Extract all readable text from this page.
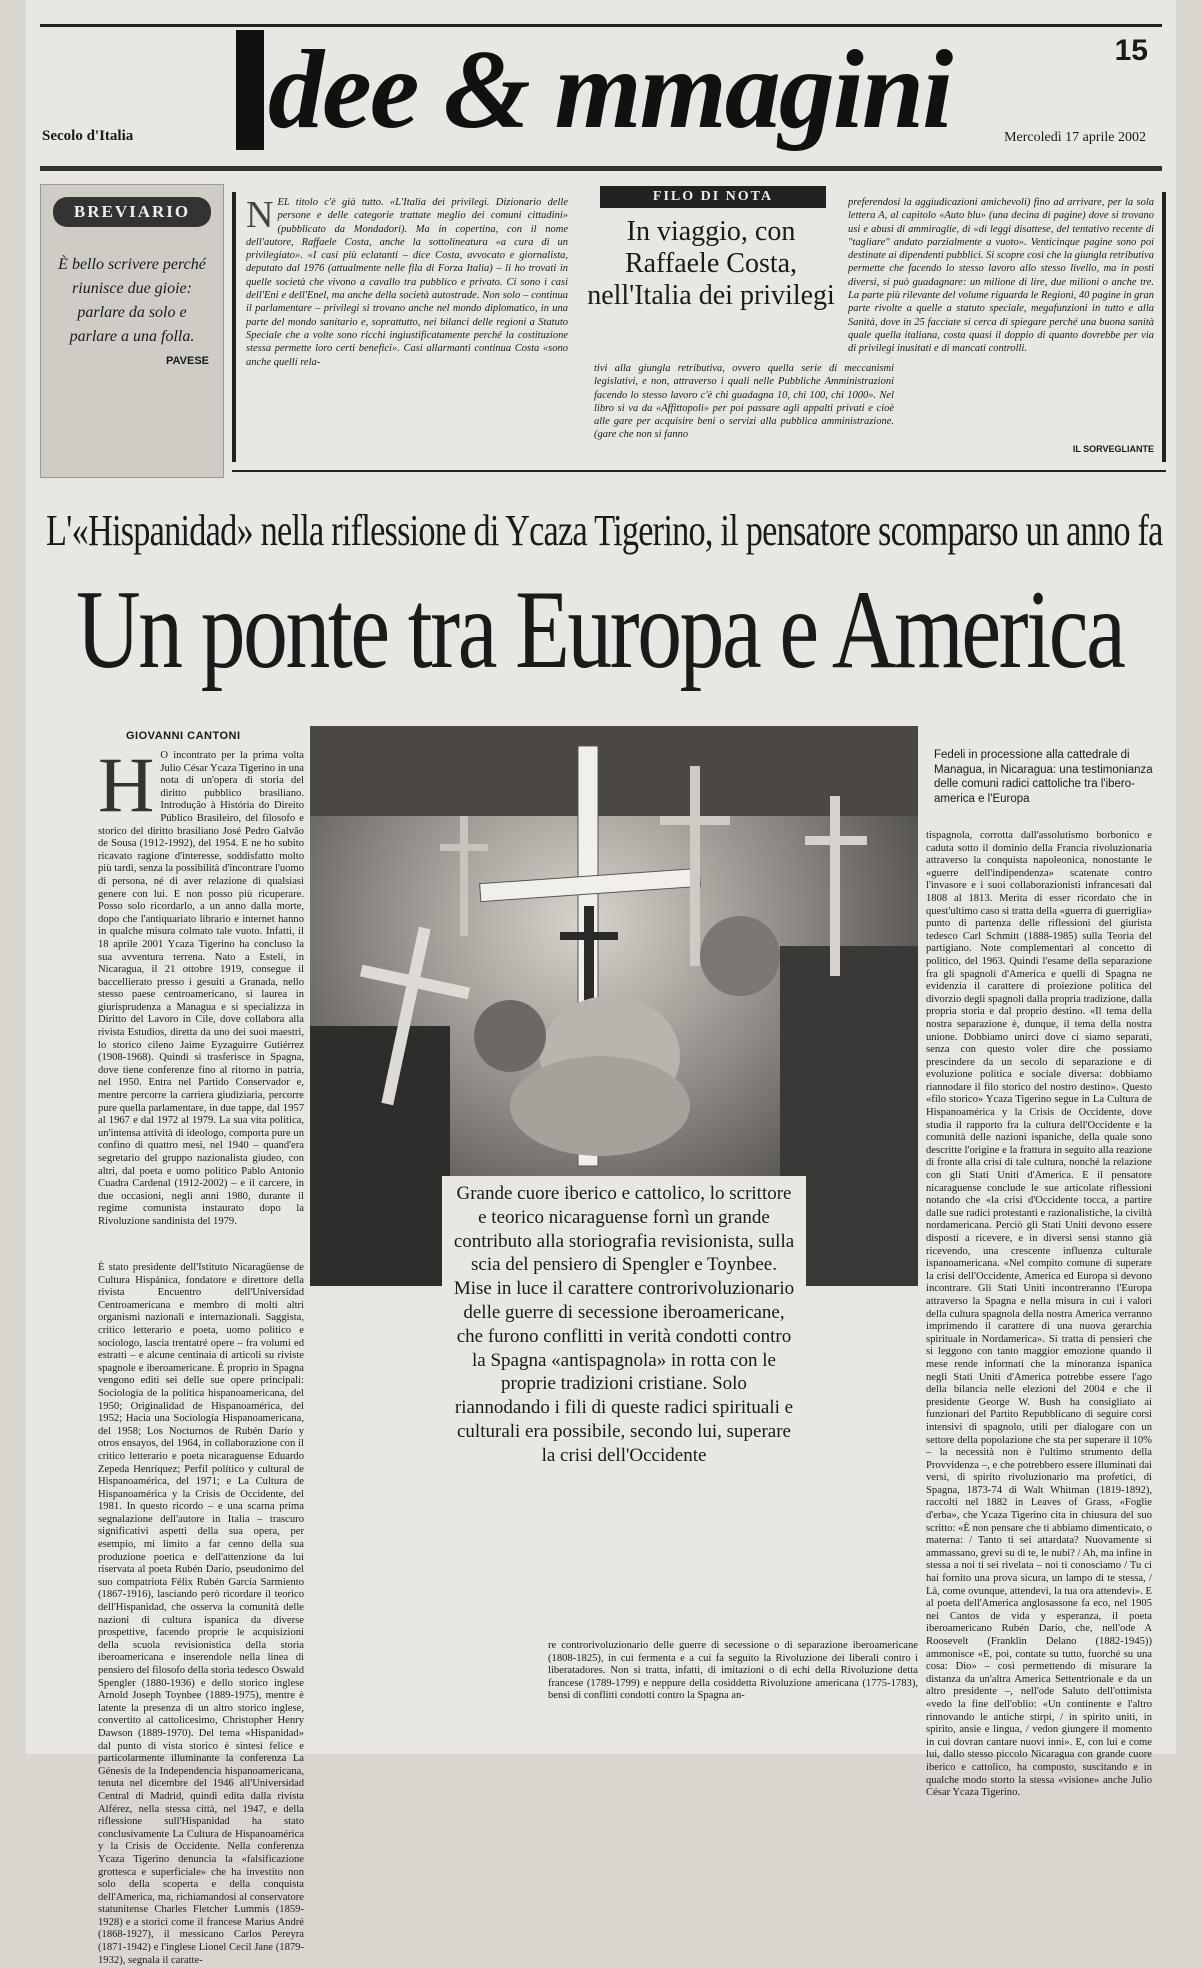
dee & mmagini	15
Secolo d'Italia	Mercoledì 17 aprile 2002
BREVIARIO
È bello scrivere perché riunisce due gioie: parlare da solo e parlare a una folla.
PAVESE
NEL titolo c'è già tutto. «L'Italia dei privilegi. Dizionario delle persone e delle categorie trattate meglio dei comuni cittadini» (pubblicato da Mondadori). Ma in copertina, con il nome dell'autore, Raffaele Costa, anche la sottolineatura «a cura di un privilegiato». «I casi più eclatanti – dice Costa, avvocato e giornalista, deputato dal 1976 (attualmente nelle fila di Forza Italia) – li ho trovati in quelle società che vivono a cavallo tra pubblico e privato. Ci sono i casi dell'Eni e dell'Enel, ma anche della società autostrade. Non solo – continua il parlamentare – privilegi si trovano anche nel mondo diplomatico, in una parte del mondo sanitario e, soprattutto, nei bilanci delle regioni a Statuto Speciale che a volte sono ricchi ingiustificatamente perché la costituzione stessa permette loro certi benefici». Casi allarmanti continua Costa «sono anche quelli rela-
FILO DI NOTA
In viaggio, con Raffaele Costa, nell'Italia dei privilegi
tivi alla giungla retributiva, ovvero quella serie di meccanismi legislativi, e non, attraverso i quali nelle Pubbliche Amministrazioni facendo lo stesso lavoro c'è chi guadagna 10, chi 100, chi 1000». Nel libro si va da «Affittopoli» per poi passare agli appalti privati e cioè alle gare per acquisire beni o servizi alla pubblica amministrazione. (gare che non si fanno
preferendosi la aggiudicazioni amichevoli) fino ad arrivare, per la sola lettera A, al capitolo «Auto blu» (una decina di pagine) dove si trovano usi e abusi di ammiraglie, di «di leggi disattese, del tentativo recente di "tagliare" andato parzialmente a vuoto». Venticinque pagine sono poi destinate ai dipendenti pubblici. Si scopre così che la giungla retributiva permette che facendo lo stesso lavoro allo stesso livello, ma in posti diversi, si può guadagnare: un milione di lire, due milioni o anche tre. La parte più rilevante del volume riguarda le Regioni, 40 pagine in gran parte rivolte a quelle a statuto speciale, megafunzioni in tutto e alla Sanità, dove in 25 facciate si cerca di spiegare perché una buona sanità quale quella italiana, costa quasi il doppio di quanto dovrebbe per via di privilegi inusitati e di mancati controlli.
IL SORVEGLIANTE
L'«Hispanidad» nella riflessione di Ycaza Tigerino, il pensatore scomparso un anno fa
Un ponte tra Europa e America
GIOVANNI CANTONI
H O incontrato per la prima volta Julio César Ycaza Tigerino in una nota di un'opera di storia del diritto pubblico brasiliano. Introdução à História do Direito Público Brasileiro, del filosofo e storico del diritto brasiliano José Pedro Galvão de Sousa (1912-1992), del 1954. E ne ho subito ricavato ragione d'interesse, soddisfatto molto più tardi, senza la possibilità d'incontrare l'uomo di persona, né di aver relazione di qualsiasi genere con lui. E non posso più ricuperare. Posso solo ricordarlo, a un anno dalla morte, dopo che l'antiquariato librario e internet hanno in qualche misura colmato tale vuoto. Infatti, il 18 aprile 2001 Ycaza Tigerino ha concluso la sua avventura terrena. Nato a Estelí, in Nicaragua, il 21 ottobre 1919, consegue il baccellierato presso i gesuiti a Granada, nello stesso paese centroamericano, si laurea in giurisprudenza a Managua e si specializza in Diritto del Lavoro in Cile, dove collabora alla rivista Estudios, diretta da uno dei suoi maestri, lo storico cileno Jaime Eyzaguirre Gutiérrez (1908-1968). Quindi si trasferisce in Spagna, dove tiene conferenze fino al ritorno in patria, nel 1950. Entra nel Partido Conservador e, mentre percorre la carriera giudiziaria, percorre pure quella parlamentare, in due tappe, dal 1957 al 1967 e dal 1972 al 1979. La sua vita politica, un'intensa attività di ideologo, comporta pure un confino di quattro mesi, nel 1940 – quand'era segretario del gruppo nazionalista giudeo, con altri, dal poeta e uomo politico Pablo Antonio Cuadra Cardenal (1912-2002) – e il carcere, in due occasioni, negli anni 1980, durante il regime comunista instaurato dopo la Rivoluzione sandinista del 1979.
È stato presidente dell'Istituto Nicaragüense de Cultura Hispánica, fondatore e direttore della rivista Encuentro dell'Universidad Centroamericana e membro di molti altri organismi nazionali e internazionali. Saggista, critico letterario e poeta, uomo politico e sociologo, lascia trentatré opere – fra volumi ed estratti – e alcune centinaia di articoli su riviste spagnole e iberoamericane. È proprio in Spagna vengono editi sei delle sue opere principali: Sociología de la política hispanoamericana, del 1950; Originalidad de Hispanoamérica, del 1952; Hacia una Sociología Hispanoamericana, del 1958; Los Nocturnos de Rubén Darío y otros ensayos, del 1964, in collaborazione con il critico letterario e poeta nicaraguense Eduardo Zepeda Henríquez; Perfil político y cultural de Hispanoamérica, del 1971; e La Cultura de Hispanoamérica y la Crisis de Occidente, del 1981. In questo ricordo – e una scarna prima segnalazione dell'autore in Italia – trascuro significativi aspetti della sua opera, per esempio, mi limito a far cenno della sua produzione poetica e dell'attenzione da lui riservata al poeta Rubén Darío, pseudonimo del suo compatriota Félix Rubén García Sarmiento (1867-1916), lasciando però ricordare il teorico dell'Hispanidad, che osserva la comunità delle nazioni di cultura ispanica da diverse prospettive, facendo proprie le acquisizioni della scuola revisionistica della storia iberoamericana e inserendole nella linea di pensiero del filosofo della storia tedesco Oswald Spengler (1880-1936) e dello storico inglese Arnold Joseph Toynbee (1889-1975), mentre è latente la presenza di un altro storico inglese, convertito al cattolicesimo, Christopher Henry Dawson (1889-1970). Del tema «Hispanidad» dal punto di vista storico è sintesi felice e particolarmente illuminante la conferenza La Génesis de la Independencia hispanoamericana, tenuta nel dicembre del 1946 all'Universidad Central di Madrid, quindi edita dalla rivista Alférez, nella stessa città, nel 1947, e della riflessione sull'Hispanidad ha stato conclusivamente La Cultura de Hispanoamérica y la Crisis de Occidente. Nella conferenza Ycaza Tigerino denuncia la «falsificazione grottesca e superficiale» che ha investito non solo della scoperta e della conquista dell'America, ma, richiamandosi al conservatore statunitense Charles Fletcher Lummis (1859-1928) e a storici come il francese Marius André (1868-1927), il messicano Carlos Pereyra (1871-1942) e l'inglese Lionel Cecil Jane (1879-1932), segnala il caratte-
Fedeli in processione alla cattedrale di Managua, in Nicaragua: una testimonianza delle comuni radici cattoliche tra l'ibero-america e l'Europa
tispagnola, corrotta dall'assolutismo borbonico e caduta sotto il dominio della Francia rivoluzionaria attraverso la conquista napoleonica, nonostante le «guerre dell'indipendenza» scatenate contro l'invasore e i suoi collaborazionisti infrancesati dal 1808 al 1813. Merita di esser ricordato che in quest'ultimo caso si tratta della «guerra di guerriglia» punto di partenza delle riflessioni del giurista tedesco Carl Schmitt (1888-1985) sulla Teoria del partigiano. Note complementari al concetto di politico, del 1963. Quindi l'esame della separazione fra gli spagnoli d'America e quelli di Spagna ne evidenzia il carattere di proiezione politica del divorzio degli spagnoli dalla propria tradizione, dalla propria storia e dal proprio destino. «Il tema della nostra separazione è, dunque, il tema della nostra unione. Dobbiamo unirci dove ci siamo separati, senza con questo voler dire che possiamo prescindere da un secolo di separazione e di evoluzione politica e sociale diversa: dobbiamo riannodare il filo storico del nostro destino». Questo «filo storico» Ycaza Tigerino segue in La Cultura de Hispanoamérica y la Crisis de Occidente, dove studia il rapporto fra la cultura dell'Occidente e la comunità delle nazioni ispaniche, della quale sono descritte l'origine e la frattura in seguito alla reazione di fronte alla crisi di tale cultura, nonché la relazione con gli Stati Uniti d'America. E il pensatore nicaraguense conclude le sue articolate riflessioni notando che «la crisi d'Occidente tocca, a partire dalle sue radici protestanti e razionalistiche, la civiltà nordamericana. Perciò gli Stati Uniti devono essere disposti a ricevere, e in diversi sensi stanno già ricevendo, una crescente influenza culturale ispanoamericana. «Nel compito comune di superare la crisi dell'Occidente, America ed Europa si devono incontrare. Gli Stati Uniti incontreranno l'Europa attraverso la Spagna e nella misura in cui i valori della cultura spagnola della nostra America verranno imprimendo il carattere di una nuova gerarchia spirituale in Nordamerica». Si tratta di pensieri che si leggono con tanto maggior emozione quando il mese rende informati che la minoranza ispanica negli Stati Uniti d'America potrebbe essere l'ago della bilancia nelle elezioni del 2004 e che il presidente George W. Bush ha consigliato ai funzionari del Partito Repubblicano di seguire corsi intensivi di spagnolo, utili per dialogare con un settore della popolazione che sta per superare il 10% – la necessità non è l'ultimo strumento della Provvidenza –, e che potrebbero essere illuminati dai versi, di spirito rivoluzionario ma profetici, di Spagna, 1873-74 di Walt Whitman (1819-1892), raccolti nel 1882 in Leaves of Grass, «Foglie d'erba», che Ycaza Tigerino cita in chiusura del suo scritto: «È non pensare che ti abbiamo dimenticato, o materna: / Tanto ti sei attardata? Nuovamente si ammassano, grevi su di te, le nubi? / Ah, ma infine in stessa a noi ti sei rivelata – noi ti conosciamo / Tu ci hai fornito una prova sicura, un lampo di te stessa, / Là, come ovunque, attendevi, la tua ora attendevi». E al poeta dell'America anglosassone fa eco, nel 1905 nei Cantos de vida y esperanza, il poeta iberoamericano Rubén Darío, che, nell'ode A Roosevelt (Franklin Delano (1882-1945)) ammonisce «E, poi, contate su tutto, fuorché su una cosa: Dio» – così permettendo di misurare la distanza da un'altra America Settentrionale e da un altro presidente –, nell'ode Saluto dell'ottimista «vedo la fine dell'oblio: «Un continente e l'altro rinnovando le antiche stirpi, / in spirito uniti, in spirito, ansie e lingua, / vedon giungere il momento in cui dovran cantare nuovi inni». E, con lui e come lui, dallo stesso piccolo Nicaragua con grande cuore iberico e cattolico, ha composto, suscitando e in qualche modo storto la stessa «visione» anche Julio César Ycaza Tigerino.
Grande cuore iberico e cattolico, lo scrittore e teorico nicaraguense fornì un grande contributo alla storiografia revisionista, sulla scia del pensiero di Spengler e Toynbee. Mise in luce il carattere controrivoluzionario delle guerre di secessione iberoamericane, che furono conflitti in verità condotti contro la Spagna «antispagnola» in rotta con le proprie tradizioni cristiane. Solo riannodando i fili di queste radici spirituali e culturali era possibile, secondo lui, superare la crisi dell'Occidente
re controrivoluzionario delle guerre di secessione o di separazione iberoamericane (1808-1825), in cui fermenta e a cui fa seguito la Rivoluzione dei liberali contro i liberatadores. Non si tratta, infatti, di imitazioni o di echi della Rivoluzione detta francese (1789-1799) e neppure della cosiddetta Rivoluzione americana (1775-1783), bensì di conflitti condotti contro la Spagna an-
